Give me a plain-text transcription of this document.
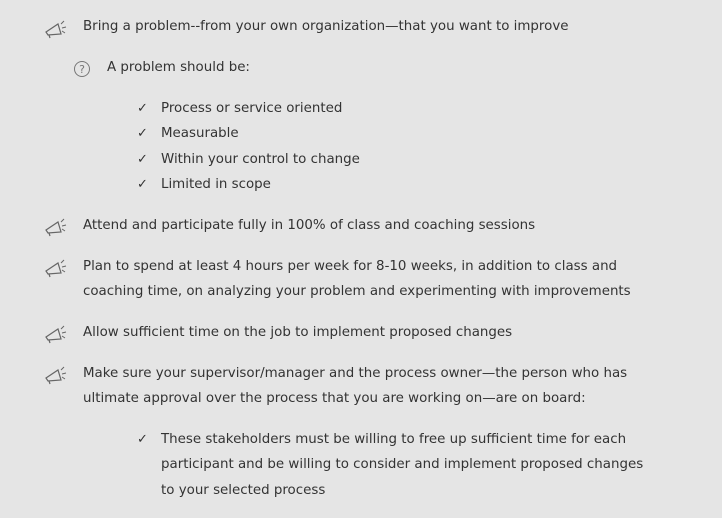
Bring a problem--from your own organization—that you want to improve
? A problem should be:
✓ Process or service oriented
✓ Measurable
✓ Within your control to change
✓ Limited in scope
Attend and participate fully in 100% of class and coaching sessions
Plan to spend at least 4 hours per week for 8-10 weeks, in addition to class and
coaching time, on analyzing your problem and experimenting with improvements
Allow sufficient time on the job to implement proposed changes
Make sure your supervisor/manager and the process owner—the person who has
ultimate approval over the process that you are working on—are on board:
✓ These stakeholders must be willing to free up sufficient time for each
participant and be willing to consider and implement proposed changes
to your selected process
